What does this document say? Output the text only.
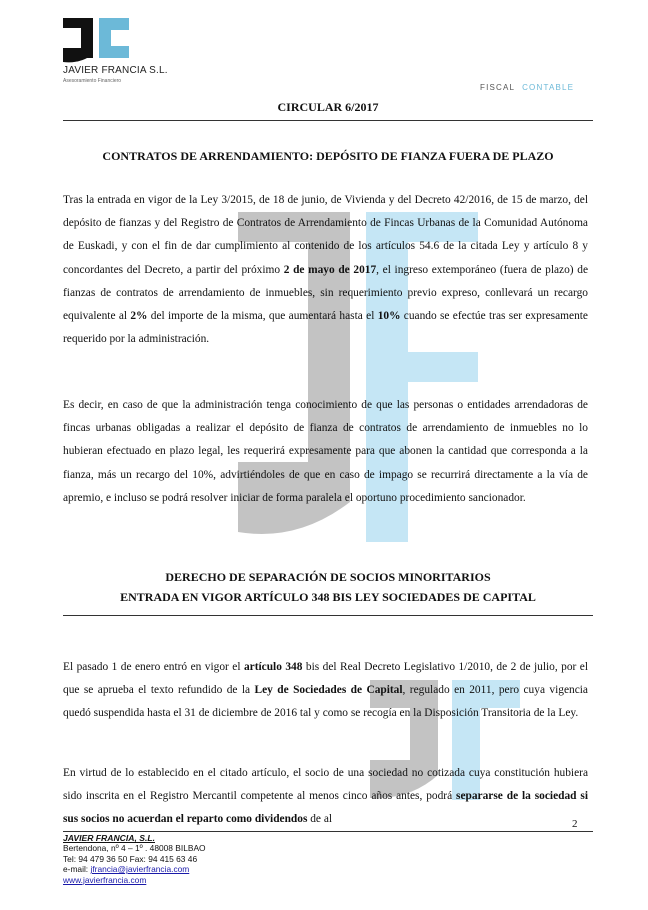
JAVIER FRANCIA S.L.
Asesoramiento Financiero
FISCAL CONTABLE
CIRCULAR 6/2017
CONTRATOS DE ARRENDAMIENTO: DEPÓSITO DE FIANZA FUERA DE PLAZO
Tras la entrada en vigor de la Ley 3/2015, de 18 de junio, de Vivienda y del Decreto 42/2016, de 15 de marzo, del depósito de fianzas y del Registro de Contratos de Arrendamiento de Fincas Urbanas de la Comunidad Autónoma de Euskadi, y con el fin de dar cumplimiento al contenido de los artículos 54.6 de la citada Ley y artículo 8 y concordantes del Decreto, a partir del próximo 2 de mayo de 2017, el ingreso extemporáneo (fuera de plazo) de fianzas de contratos de arrendamiento de inmuebles, sin requerimiento previo expreso, conllevará un recargo equivalente al 2% del importe de la misma, que aumentará hasta el 10% cuando se efectúe tras ser expresamente requerido por la administración.
Es decir, en caso de que la administración tenga conocimiento de que las personas o entidades arrendadoras de fincas urbanas obligadas a realizar el depósito de fianza de contratos de arrendamiento de inmuebles no lo hubieran efectuado en plazo legal, les requerirá expresamente para que abonen la cantidad que corresponda a la fianza, más un recargo del 10%, advirtiéndoles de que en caso de impago se recurrirá directamente a la vía de apremio, e incluso se podrá resolver iniciar de forma paralela el oportuno procedimiento sancionador.
DERECHO DE SEPARACIÓN DE SOCIOS MINORITARIOS
ENTRADA EN VIGOR ARTÍCULO 348 BIS LEY SOCIEDADES DE CAPITAL
El pasado 1 de enero entró en vigor el artículo 348 bis del Real Decreto Legislativo 1/2010, de 2 de julio, por el que se aprueba el texto refundido de la Ley de Sociedades de Capital, regulado en 2011, pero cuya vigencia quedó suspendida hasta el 31 de diciembre de 2016 tal y como se recogía en la Disposición Transitoria de la Ley.
En virtud de lo establecido en el citado artículo, el socio de una sociedad no cotizada cuya constitución hubiera sido inscrita en el Registro Mercantil competente al menos cinco años antes, podrá separarse de la sociedad si sus socios no acuerdan el reparto como dividendos de al	2
JAVIER FRANCIA, S.L.
Bertendona, nº 4 – 1º . 48008 BILBAO
Tel: 94 479 36 50 Fax: 94 415 63 46
e-mail: jfrancia@javierfrancia.com
www.javierfrancia.com
